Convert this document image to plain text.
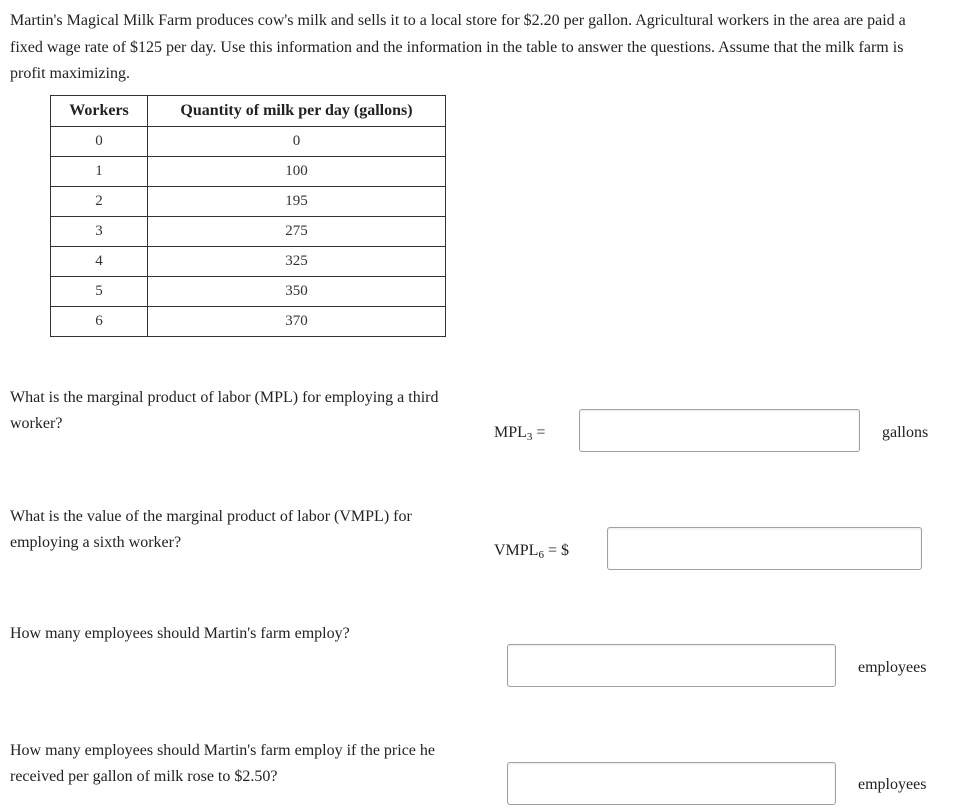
Martin's Magical Milk Farm produces cow's milk and sells it to a local store for $2.20 per gallon. Agricultural workers in the area are paid a fixed wage rate of $125 per day. Use this information and the information in the table to answer the questions. Assume that the milk farm is profit maximizing.

Workers	Quantity of milk per day (gallons)
0	0
1	100
2	195
3	275
4	325
5	350
6	370

What is the marginal product of labor (MPL) for employing a third worker?

$MPL_3$ =	gallons

What is the value of the marginal product of labor (VMPL) for employing a sixth worker?	$VMPL_6$ = $

How many employees should Martin's farm employ?

employees

How many employees should Martin's farm employ if the price he received per gallon of milk rose to $2.50?	employees
